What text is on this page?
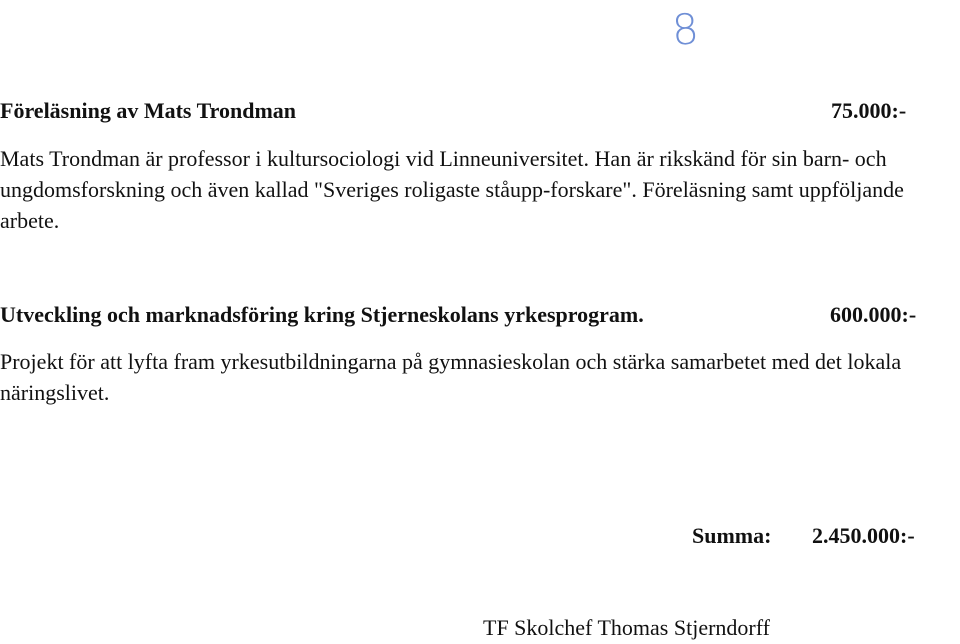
8
Föreläsning av Mats Trondman	75.000:-
Mats Trondman är professor i kultursociologi vid Linneuniversitet. Han är rikskänd för sin barn- och ungdomsforskning och även kallad "Sveriges roligaste ståupp-forskare". Föreläsning samt uppföljande arbete.
Utveckling och marknadsföring kring Stjerneskolans yrkesprogram.	600.000:-
Projekt för att lyfta fram yrkesutbildningarna på gymnasieskolan och stärka samarbetet med det lokala näringslivet.
Summa: 2.450.000:-
TF Skolchef Thomas Stjerndorff
